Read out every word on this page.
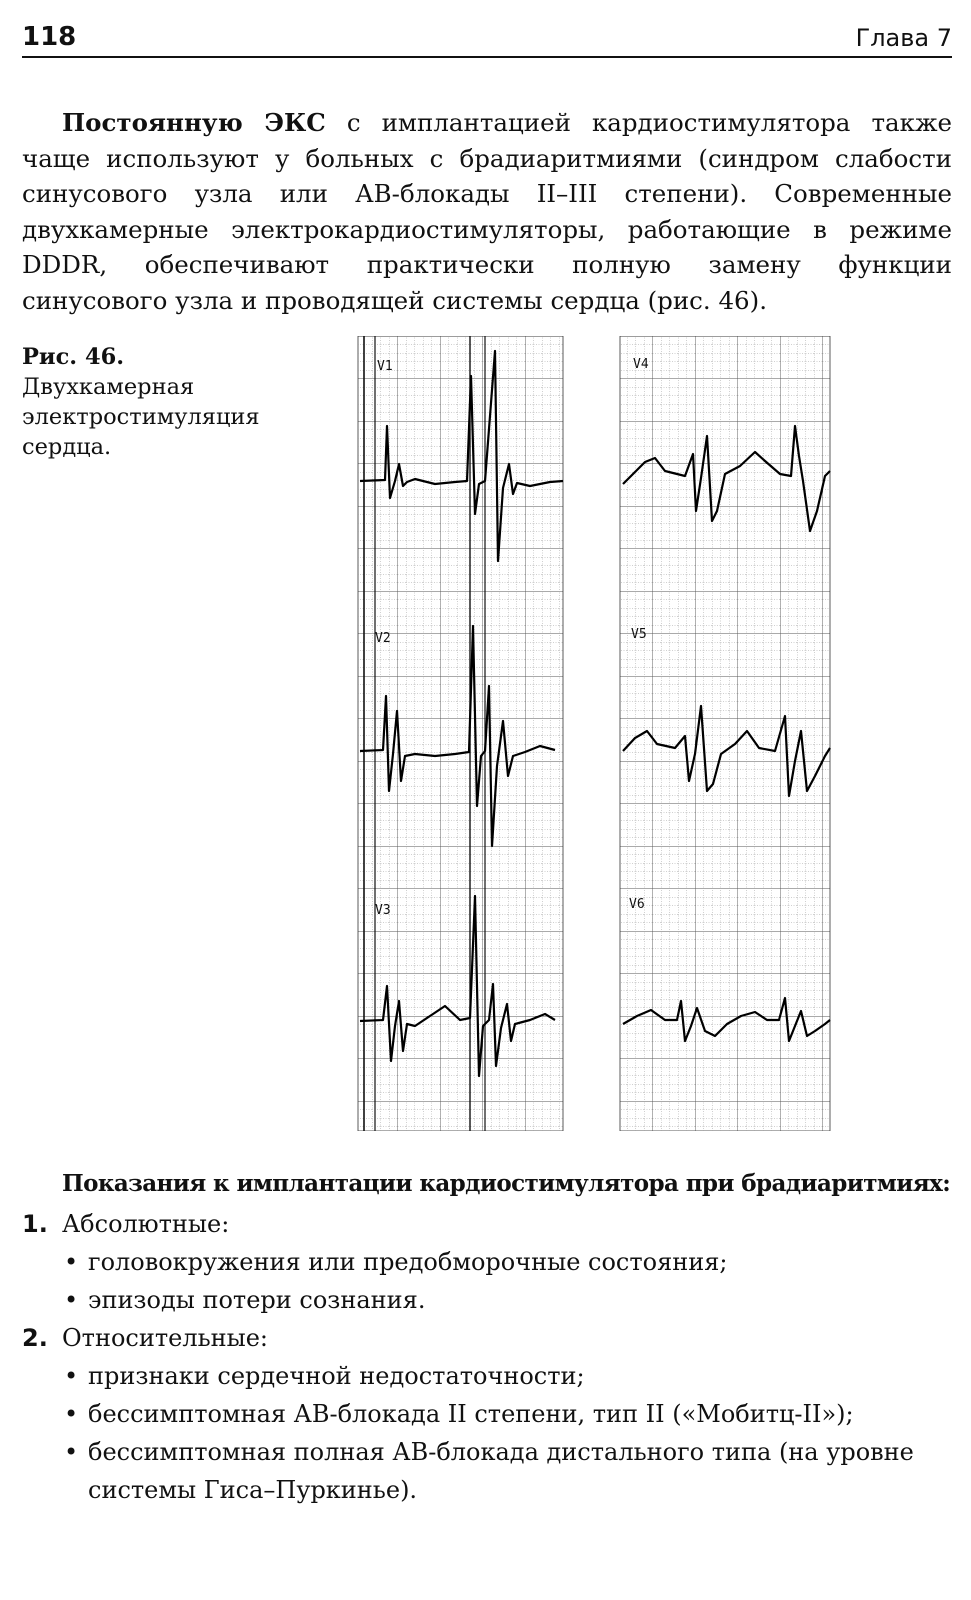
118	Глава 7

Постоянную ЭКС с имплантацией кардиостимулятора также чаще используют у больных с брадиаритмиями (синдром слабости синусового узла или АВ-блокады II–III степени). Современные двухкамерные электрокардиостимуляторы, работающие в режиме DDDR, обеспечивают практически полную замену функции синусового узла и проводящей системы сердца (рис. 46).

Рис. 46. Двухкамерная электростимуляция сердца.

V1
V2
V3
V4
V5
V6

Показания к имплантации кардиостимулятора при брадиаритмиях:

1. Абсолютные:
• головокружения или предобморочные состояния;
• эпизоды потери сознания.
2. Относительные:
• признаки сердечной недостаточности;
• бессимптомная АВ-блокада II степени, тип II («Мобитц-II»);
• бессимптомная полная АВ-блокада дистального типа (на уровне системы Гиса–Пуркинье).
